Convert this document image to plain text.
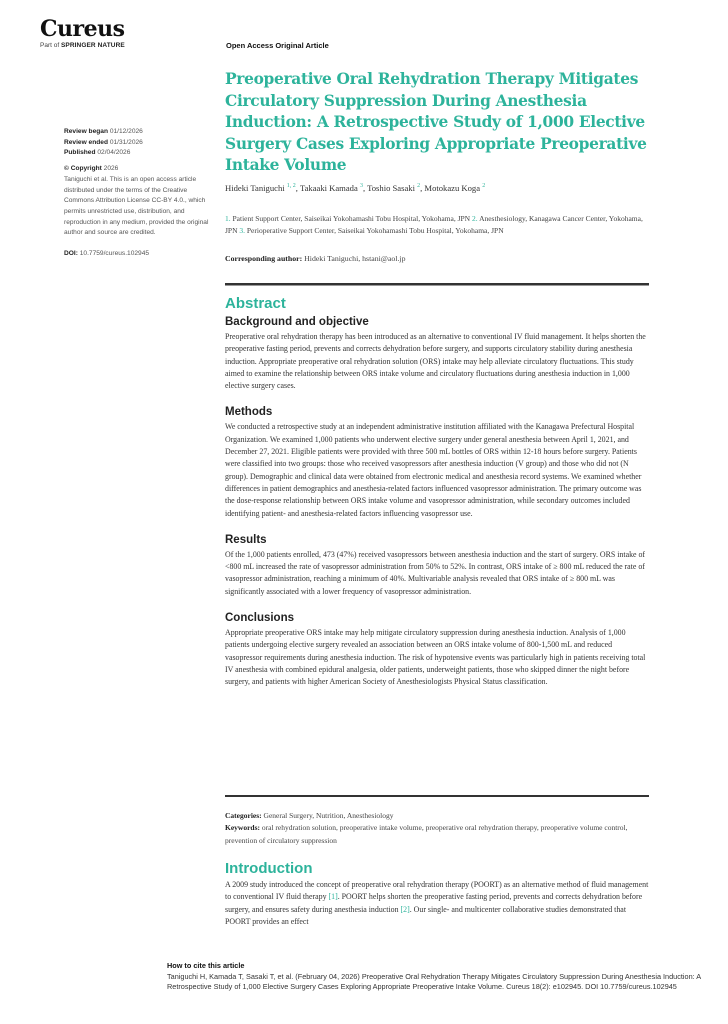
Cureus
Part of SPRINGER NATURE	Open Access Original Article
Review began 01/12/2026
Review ended 01/31/2026
Published 02/04/2026
© Copyright 2026
Taniguchi et al. This is an open access article distributed under the terms of the Creative Commons Attribution License CC-BY 4.0., which permits unrestricted use, distribution, and reproduction in any medium, provided the original author and source are credited.
DOI: 10.7759/cureus.102945
Preoperative Oral Rehydration Therapy Mitigates Circulatory Suppression During Anesthesia Induction: A Retrospective Study of 1,000 Elective Surgery Cases Exploring Appropriate Preoperative Intake Volume
Hideki Taniguchi $^{1, 2}$, Takaaki Kamada $^3$, Toshio Sasaki $^2$, Motokazu Koga $^2$
1. Patient Support Center, Saiseikai Yokohamashi Tobu Hospital, Yokohama, JPN 2. Anesthesiology, Kanagawa Cancer Center, Yokohama, JPN 3. Perioperative Support Center, Saiseikai Yokohamashi Tobu Hospital, Yokohama, JPN
Corresponding author: Hideki Taniguchi, hstani@aol.jp
Abstract
Background and objective
Preoperative oral rehydration therapy has been introduced as an alternative to conventional IV fluid management. It helps shorten the preoperative fasting period, prevents and corrects dehydration before surgery, and supports circulatory stability during anesthesia induction. Appropriate preoperative oral rehydration solution (ORS) intake may help alleviate circulatory fluctuations. This study aimed to examine the relationship between ORS intake volume and circulatory fluctuations during anesthesia induction in 1,000 elective surgery cases.
Methods
We conducted a retrospective study at an independent administrative institution affiliated with the Kanagawa Prefectural Hospital Organization. We examined 1,000 patients who underwent elective surgery under general anesthesia between April 1, 2021, and December 27, 2021. Eligible patients were provided with three 500 mL bottles of ORS within 12-18 hours before surgery. Patients were classified into two groups: those who received vasopressors after anesthesia induction (V group) and those who did not (N group). Demographic and clinical data were obtained from electronic medical and anesthesia record systems. We examined whether differences in patient demographics and anesthesia-related factors influenced vasopressor administration. The primary outcome was the dose-response relationship between ORS intake volume and vasopressor administration, while secondary outcomes included identifying patient- and anesthesia-related factors influencing vasopressor use.
Results
Of the 1,000 patients enrolled, 473 (47%) received vasopressors between anesthesia induction and the start of surgery. ORS intake of <800 mL increased the rate of vasopressor administration from 50% to 52%. In contrast, ORS intake of ≥ 800 mL reduced the rate of vasopressor administration, reaching a minimum of 40%. Multivariable analysis revealed that ORS intake of ≥ 800 mL was significantly associated with a lower frequency of vasopressor administration.
Conclusions
Appropriate preoperative ORS intake may help mitigate circulatory suppression during anesthesia induction. Analysis of 1,000 patients undergoing elective surgery revealed an association between an ORS intake volume of 800-1,500 mL and reduced vasopressor requirements during anesthesia induction. The risk of hypotensive events was particularly high in patients receiving total IV anesthesia with combined epidural analgesia, older patients, underweight patients, those who skipped dinner the night before surgery, and patients with higher American Society of Anesthesiologists Physical Status classification.
Categories: General Surgery, Nutrition, Anesthesiology
Keywords: oral rehydration solution, preoperative intake volume, preoperative oral rehydration therapy, preoperative volume control, prevention of circulatory suppression
Introduction
A 2009 study introduced the concept of preoperative oral rehydration therapy (POORT) as an alternative method of fluid management to conventional IV fluid therapy [1]. POORT helps shorten the preoperative fasting period, prevents and corrects dehydration before surgery, and ensures safety during anesthesia induction [2]. Our single- and multicenter collaborative studies demonstrated that POORT provides an effect
How to cite this article
Taniguchi H, Kamada T, Sasaki T, et al. (February 04, 2026) Preoperative Oral Rehydration Therapy Mitigates Circulatory Suppression During Anesthesia Induction: A Retrospective Study of 1,000 Elective Surgery Cases Exploring Appropriate Preoperative Intake Volume. Cureus 18(2): e102945. DOI 10.7759/cureus.102945
